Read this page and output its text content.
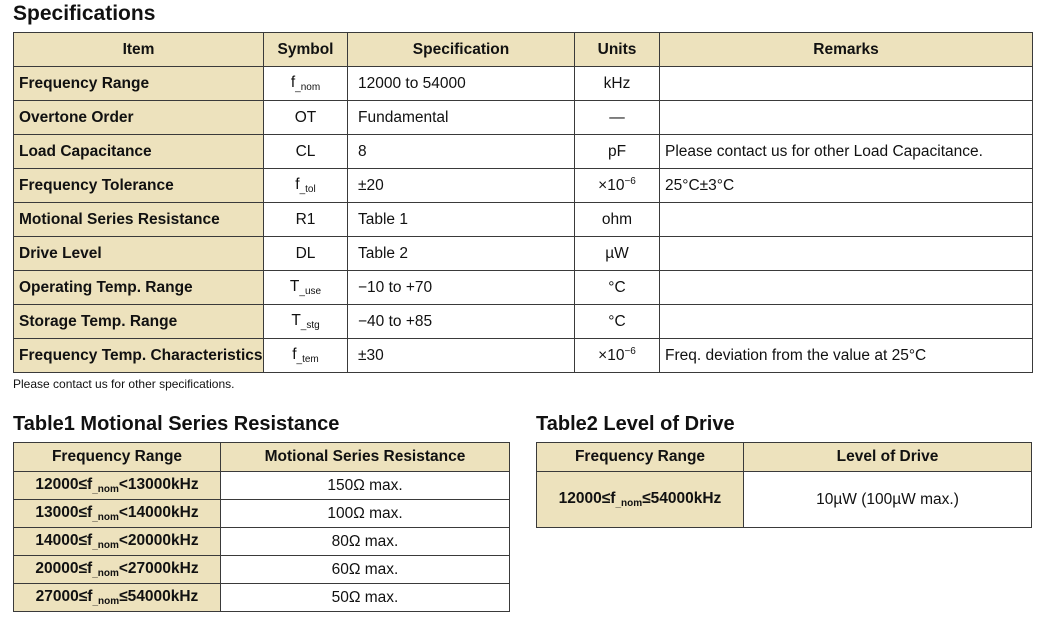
Specifications
Item	Symbol	Specification	Units	Remarks
Frequency Range	$f_{\_nom}$	12000 to 54000	kHz	
Overtone Order	OT	Fundamental	—	
Load Capacitance	CL	8	pF	Please contact us for other Load Capacitance.
Frequency Tolerance	$f_{\_tol}$	±20	$\times 10^{-6}$	25°C±3°C
Motional Series Resistance	R1	Table 1	ohm	
Drive Level	DL	Table 2	µW	
Operating Temp. Range	$T_{\_use}$	−10 to +70	°C	
Storage Temp. Range	$T_{\_stg}$	−40 to +85	°C	
Frequency Temp. Characteristics	$f_{\_tem}$	±30	$\times 10^{-6}$	Freq. deviation from the value at 25°C
Please contact us for other specifications.
Table1 Motional Series Resistance
Frequency Range	Motional Series Resistance
$12000\le f_{\_nom}<13000kHz$	150Ω max.
$13000\le f_{\_nom}<14000kHz$	100Ω max.
$14000\le f_{\_nom}<20000kHz$	80Ω max.
$20000\le f_{\_nom}<27000kHz$	60Ω max.
$27000\le f_{\_nom}\le 54000kHz$	50Ω max.
Table2 Level of Drive
Frequency Range	Level of Drive
$12000\le f_{\_nom}\le 54000kHz$	10µW (100µW max.)
